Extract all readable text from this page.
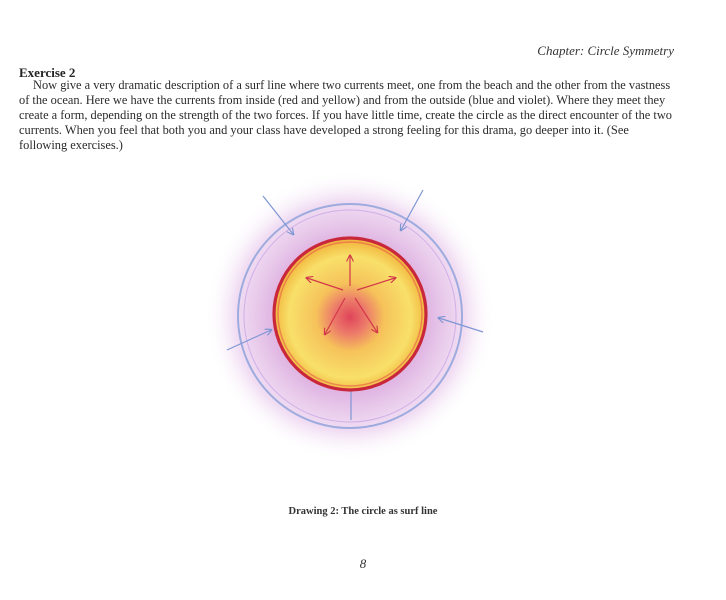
Chapter: Circle Symmetry
Exercise 2

Now give a very dramatic description of a surf line where two currents meet, one from the beach and the other from the vastness of the ocean. Here we have the currents from inside (red and yellow) and from the outside (blue and violet). Where they meet they create a form, depending on the strength of the two forces. If you have little time, create the circle as the direct encounter of the two currents. When you feel that both you and your class have developed a strong feeling for this drama, go deeper into it. (See following exercises.)

Drawing 2: The circle as surf line
8
